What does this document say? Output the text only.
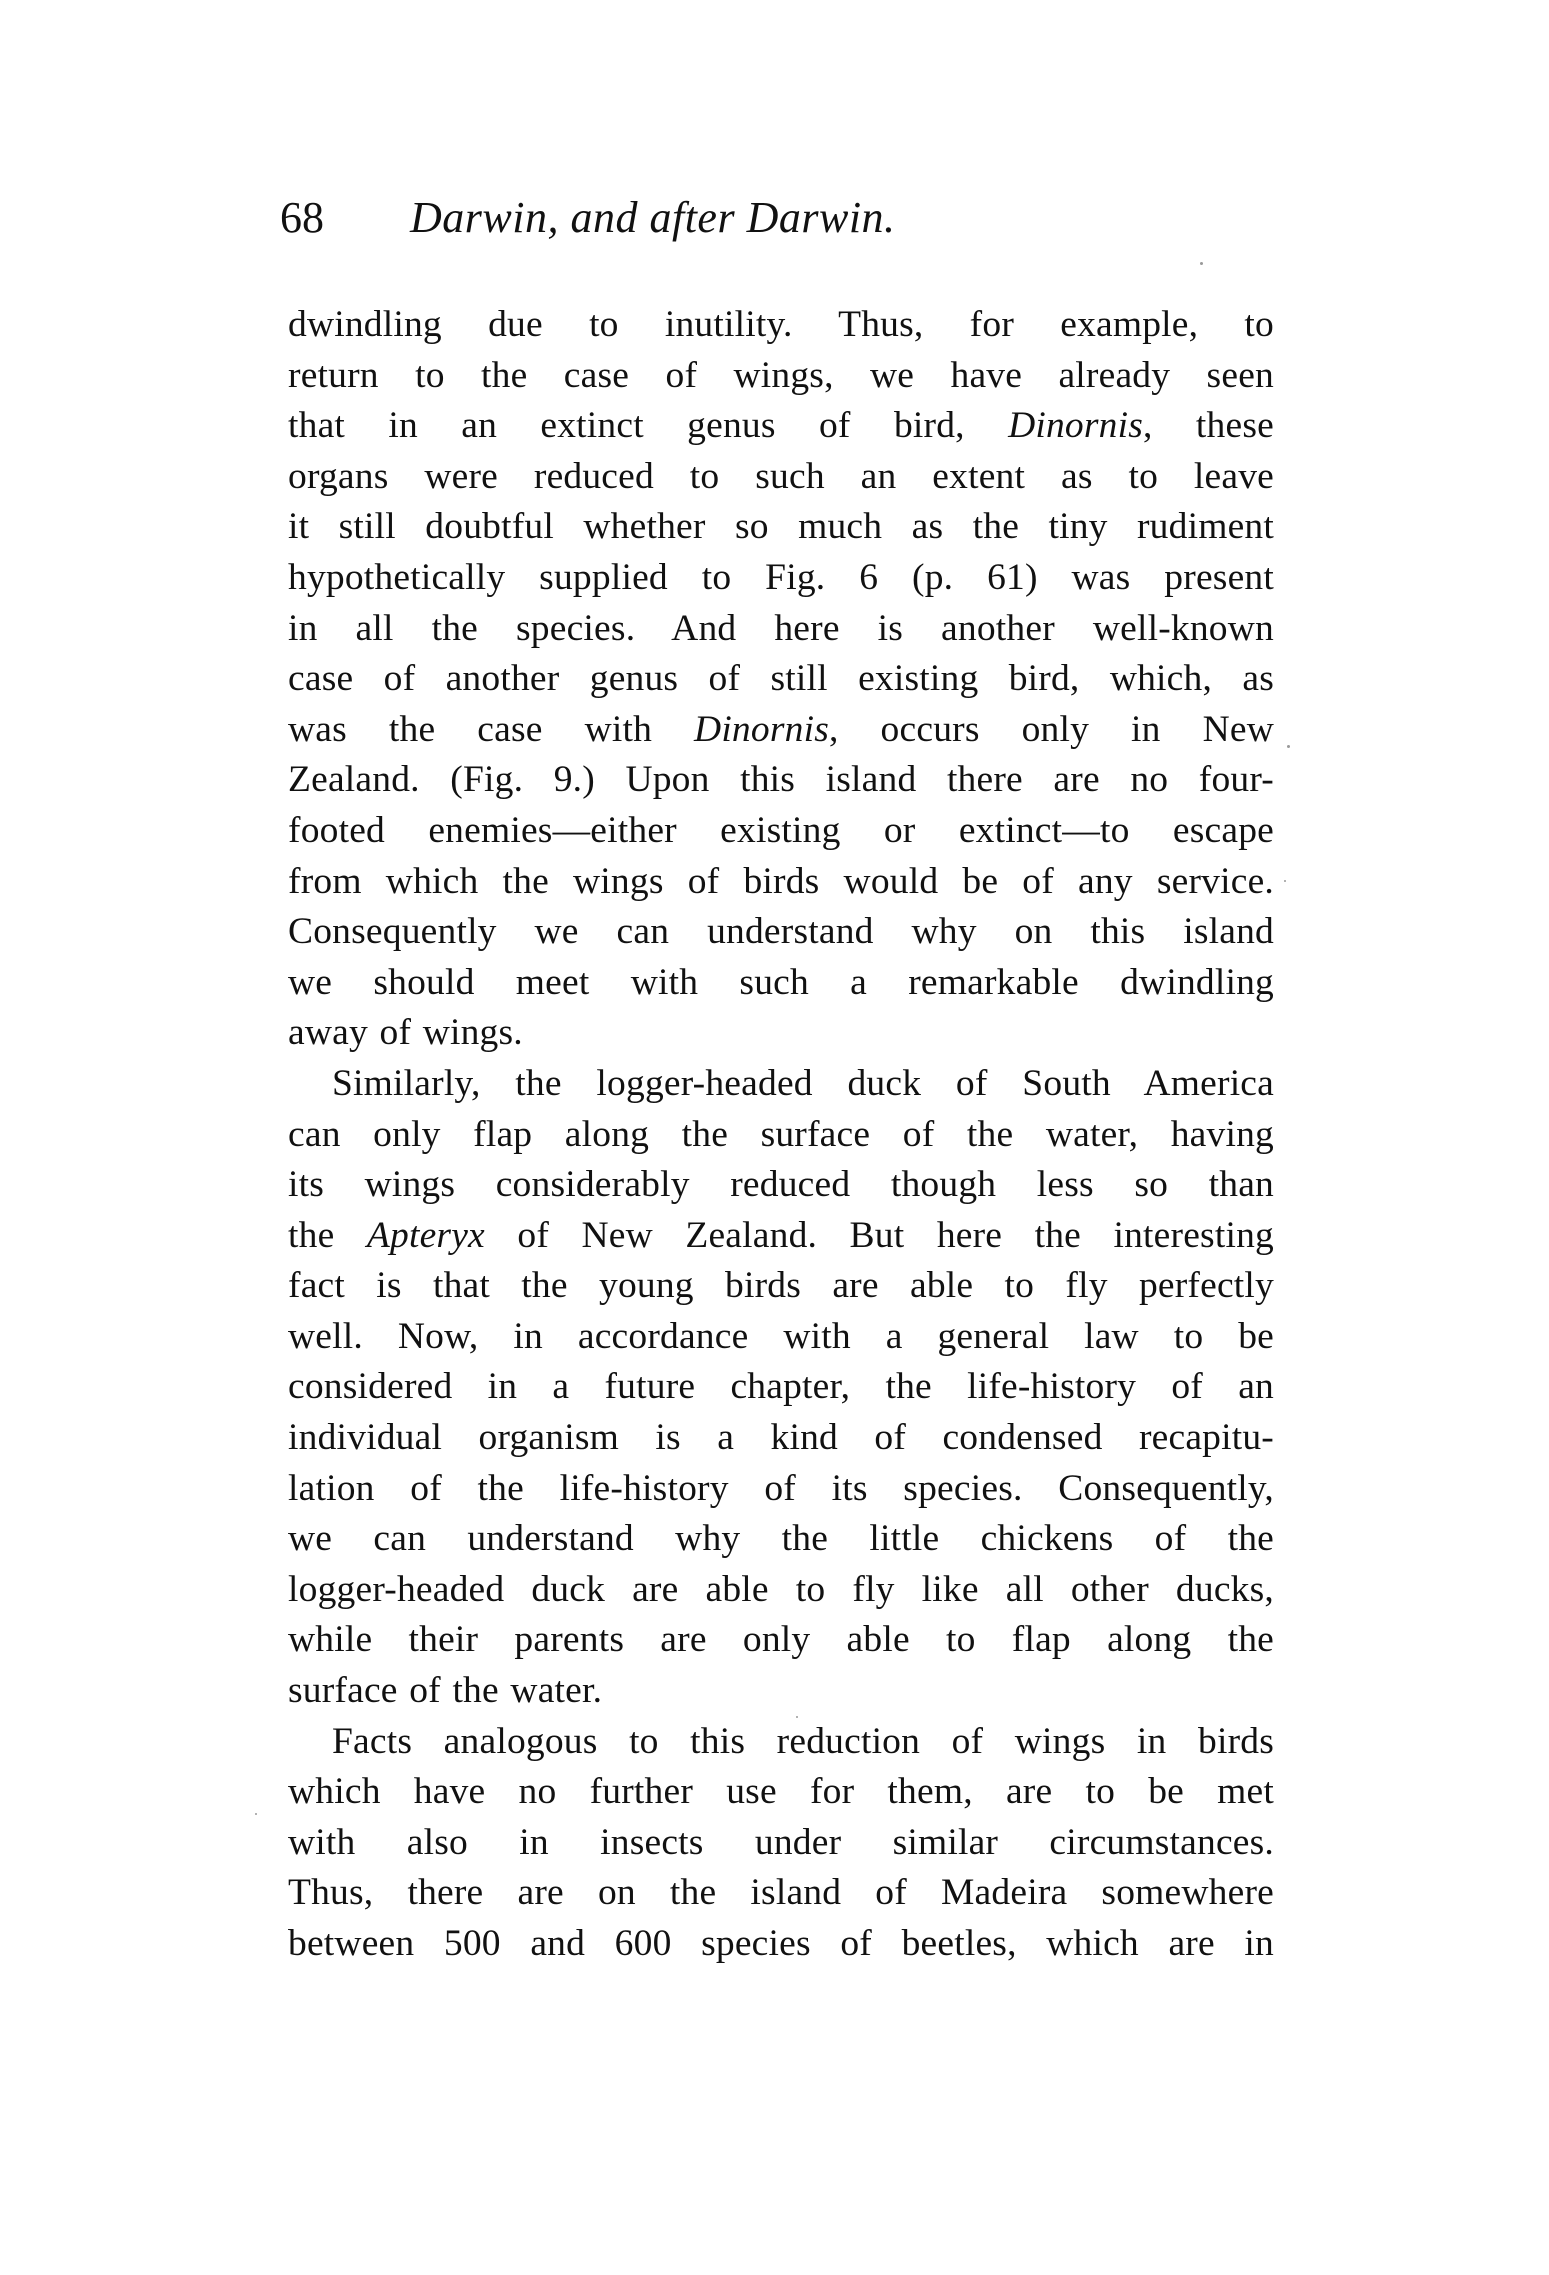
68 Darwin, and after Darwin.
dwindling due to inutility. Thus, for example, to
return to the case of wings, we have already seen
that in an extinct genus of bird, Dinornis, these
organs were reduced to such an extent as to leave
it still doubtful whether so much as the tiny rudiment
hypothetically supplied to Fig. 6 (p. 61) was present
in all the species. And here is another well-known
case of another genus of still existing bird, which, as
was the case with Dinornis, occurs only in New
Zealand. (Fig. 9.) Upon this island there are no four-
footed enemies—either existing or extinct—to escape
from which the wings of birds would be of any service.
Consequently we can understand why on this island
we should meet with such a remarkable dwindling
away of wings.
Similarly, the logger-headed duck of South America
can only flap along the surface of the water, having
its wings considerably reduced though less so than
the Apteryx of New Zealand. But here the interesting
fact is that the young birds are able to fly perfectly
well. Now, in accordance with a general law to be
considered in a future chapter, the life-history of an
individual organism is a kind of condensed recapitu-
lation of the life-history of its species. Consequently,
we can understand why the little chickens of the
logger-headed duck are able to fly like all other ducks,
while their parents are only able to flap along the
surface of the water.
Facts analogous to this reduction of wings in birds
which have no further use for them, are to be met
with also in insects under similar circumstances.
Thus, there are on the island of Madeira somewhere
between 500 and 600 species of beetles, which are in
